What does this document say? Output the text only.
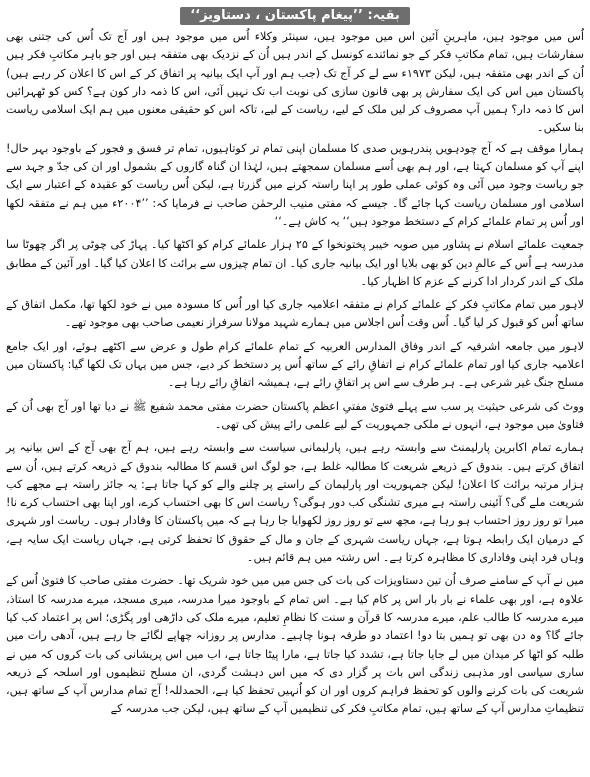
بقیہ: ’’پیغام پاکستان ، دستاویز‘‘

اُس میں موجود ہیں، ماہرینِ آئین اس میں موجود ہیں، سینئر وکلاء اُس میں موجود ہیں اور آج تک اُس کی جتنی بھی سفارشات ہیں، تمام مکاتبِ فکر کے جو نمائندے کونسل کے اندر ہیں اُن کے نزدیک بھی متفقہ ہیں اور جو باہر مکاتبِ فکر ہیں اُن کے اندر بھی متفقہ ہیں، لیکن ۱۹۷۳ء سے لے کر آج تک (جب ہم اور آپ ایک بیانیہ پر اتفاق کر کے اس کا اعلان کر رہے ہیں) پاکستان میں اس کی ایک سفارش پر بھی قانون سازی کی نوبت اب تک نہیں آئی، اس کا ذمہ دار کون ہے؟ کس کو ٹھہرائیں اس کا ذمہ دار؟ ہمیں آپ مصروف کر لیں ملک کے لیے، ریاست کے لیے، تاکہ اس کو حقیقی معنوں میں ہم ایک اسلامی ریاست بنا سکیں۔

ہمارا موقف ہے کہ آج چودہویں پندرہویں صدی کا مسلمان اپنی تمام تر کوتاہیوں، تمام تر فسق و فجور کے باوجود بہر حال! اپنے آپ کو مسلمان کہتا ہے، اور ہم بھی اُسے مسلمان سمجھتے ہیں، لہٰذا ان گناہ گاروں کے بشمول اور ان کی جدّ و جہد سے جو ریاست وجود میں آئی وہ کوئی عملی طور پر اپنا راستہ کرنے میں گزرتا ہے، لیکن اُس ریاست کو عقیدہ کے اعتبار سے ایک اسلامی اور مسلمان ریاست کہا جائے گا۔ جیسے کہ مفتی منیب الرحمٰن صاحب نے فرمایا کہ: ’’۲۰۰۴ء میں ہم نے متفقہ لکھا اور اُس پر تمام علمائے کرام کے دستخط موجود ہیں‘‘ یہ کاش ہے۔‘‘

جمعیت علمائے اسلام نے پشاور میں صوبہ خیبر پختونخوا کے ۲۵ ہزار علمائے کرام کو اکٹھا کیا۔ پہاڑ کی چوٹی پر اگر چھوٹا سا مدرسہ ہے اُس کے عالمِ دین کو بھی بلایا اور ایک بیانیہ جاری کیا۔ ان تمام چیزوں سے برائت کا اعلان کیا گیا۔ اور آئین کے مطابق ملک کے اندر کردار ادا کرنے کے عزم کا اظہار کیا۔

لاہور میں تمام مکاتبِ فکر کے علمائے کرام نے متفقہ اعلامیہ جاری کیا اور اُس کا مسودہ میں نے خود لکھا تھا، مکمل اتفاق کے ساتھ اُس کو قبول کر لیا گیا۔ اُس وقت اُس اجلاس میں ہمارے شہید مولانا سرفراز نعیمی صاحب بھی موجود تھے۔

لاہور میں جامعہ اشرفیہ کے اندر وفاق المدارس العربیہ کے تمام علمائے کرام طول و عرض سے اکٹھے ہوئے، اور ایک جامع اعلامیہ جاری کیا اور تمام علمائے کرام نے اتفاقِ رائے کے ساتھ اُس پر دستخط کر دیے، جس میں یہاں تک لکھا گیا: پاکستان میں مسلح جنگ غیر شرعی ہے۔ ہر طرف سے اس پر اتفاقِ رائے ہے، ہمیشہ اتفاقِ رائے رہا ہے۔

ووٹ کی شرعی حیثیت پر سب سے پہلے فتویٰ مفتیِ اعظم پاکستان حضرت مفتی محمد شفیع ﷺ نے دیا تھا اور آج بھی اُن کے فتاویٰ میں موجود ہے، انہوں نے ملکی جمہوریت کے لیے علمی رائے پیش کی تھی۔

ہمارے تمام اکابرین پارلیمنٹ سے وابستہ رہے ہیں، پارلیمانی سیاست سے وابستہ رہے ہیں، ہم آج بھی آج کے اس بیانیہ پر اتفاق کرتے ہیں۔ بندوق کے ذریعے شریعت کا مطالبہ غلط ہے، جو لوگ اس قسم کا مطالبہ بندوق کے ذریعہ کرتے ہیں، اُن سے ہزار مرتبہ برائت کا اعلان! لیکن جمہوریت اور پارلیمان کے راستے پر چلنے والے کو کہا جاتا ہے: یہ جائز راستہ ہے مجھے کب شریعت ملے گی؟ آئینی راستہ ہے میری تشنگی کب دور ہوگی؟ ریاست اس کا بھی احتساب کرے، اور اپنا بھی احتساب کرے نا! میرا تو روز روز احتساب ہو رہا ہے، مجھ سے تو روز روز لکھوایا جا رہا ہے کہ میں پاکستان کا وفادار ہوں۔ ریاست اور شہری کے درمیان ایک رابطہ ہوتا ہے، جہاں ریاست شہری کے جان و مال کے حقوق کا تحفظ کرتی ہے، جہاں ریاست ایک سایہ ہے، وہاں فرد اپنی وفاداری کا مظاہرہ کرتا ہے۔ اس رشتہ میں ہم قائم ہیں۔

میں نے آپ کے سامنے صرف اُن تین دستاویزات کی بات کی جس میں میں خود شریک تھا۔ حضرت مفتی صاحب کا فتویٰ اُس کے علاوہ ہے، اور بھی علماء نے بار بار اس پر کام کیا ہے۔ اس تمام کے باوجود میرا مدرسہ، میری مسجد، میرے مدرسہ کا استاذ، میرے مدرسہ کا طالب علم، میرے مدرسہ کا قرآن و سنت کا نظامِ تعلیم، میرے ملک کی داڑھی اور پگڑی؛ اس پر اعتماد کب کیا جائے گا؟ وہ دن بھی تو ہمیں بتا دو! اعتماد دو طرفہ ہونا چاہیے۔ مدارس پر روزانہ چھاپے لگائے جا رہے ہیں، آدھی رات میں طلبہ کو اٹھا کر میدان میں لے جایا جاتا ہے، تشدد کیا جاتا ہے، مارا پیٹا جاتا ہے، اب میں اس پریشانی کی بات کروں کہ میں نے ساری سیاسی اور مذہبی زندگی اس بات پر گزار دی کہ میں اس دہشت گردی، ان مسلح تنظیموں اور اسلحہ کے ذریعہ شریعت کی بات کرنے والوں کو تحفظ فراہم کروں اور ان کو اُنہیں تحفظ کیا ہے، الحمدللہ! آج تمام مدارس آپ کے ساتھ ہیں، تنظیماتِ مدارس آپ کے ساتھ ہیں، تمام مکاتبِ فکر کی تنظیمیں آپ کے ساتھ ہیں، لیکن جب مدرسہ کے
